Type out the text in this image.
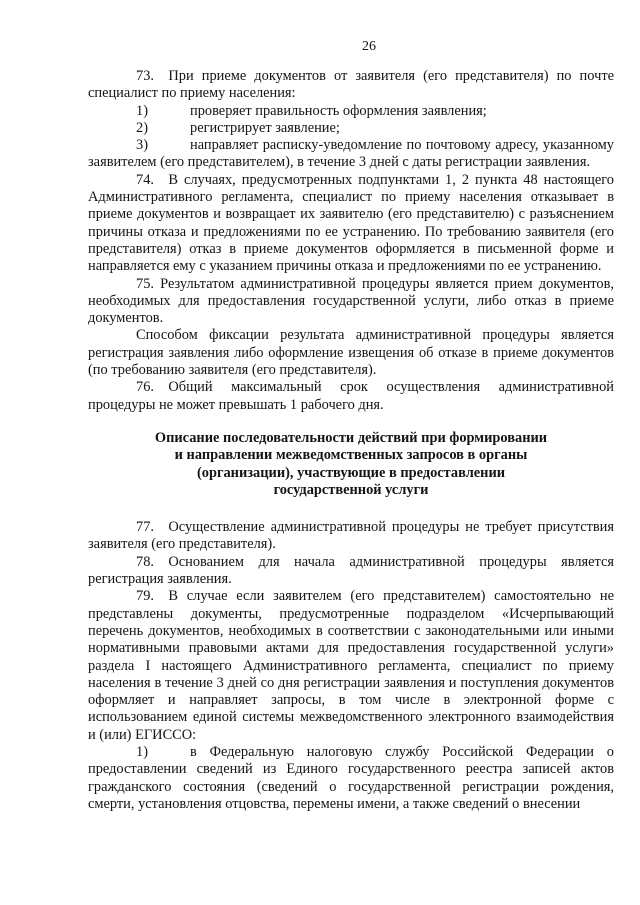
26

73. При приеме документов от заявителя (его представителя) по почте специалист по приему населения:

1)	проверяет правильность оформления заявления;
2)	регистрирует заявление;
3)	направляет расписку-уведомление по почтовому адресу, указанному заявителем (его представителем), в течение 3 дней с даты регистрации заявления.

74. В случаях, предусмотренных подпунктами 1, 2 пункта 48 настоящего Административного регламента, специалист по приему населения отказывает в приеме документов и возвращает их заявителю (его представителю) с разъяснением причины отказа и предложениями по ее устранению. По требованию заявителя (его представителя) отказ в приеме документов оформляется в письменной форме и направляется ему с указанием причины отказа и предложениями по ее устранению.

75. Результатом административной процедуры является прием документов, необходимых для предоставления государственной услуги, либо отказ в приеме документов.

Способом фиксации результата административной процедуры является регистрация заявления либо оформление извещения об отказе в приеме документов (по требованию заявителя (его представителя).

76. Общий максимальный срок осуществления административной процедуры не может превышать 1 рабочего дня.

Описание последовательности действий при формировании
и направлении межведомственных запросов в органы
(организации), участвующие в предоставлении
государственной услуги

77. Осуществление административной процедуры не требует присутствия заявителя (его представителя).

78. Основанием для начала административной процедуры является регистрация заявления.

79. В случае если заявителем (его представителем) самостоятельно не представлены документы, предусмотренные подразделом «Исчерпывающий перечень документов, необходимых в соответствии с законодательными или иными нормативными правовыми актами для предоставления государственной услуги» раздела I настоящего Административного регламента, специалист по приему населения в течение 3 дней со дня регистрации заявления и поступления документов оформляет и направляет запросы, в том числе в электронной форме с использованием единой системы межведомственного электронного взаимодействия и (или) ЕГИССО:

1)	в Федеральную налоговую службу Российской Федерации о предоставлении сведений из Единого государственного реестра записей актов гражданского состояния (сведений о государственной регистрации рождения, смерти, установления отцовства, перемены имени, а также сведений о внесении
